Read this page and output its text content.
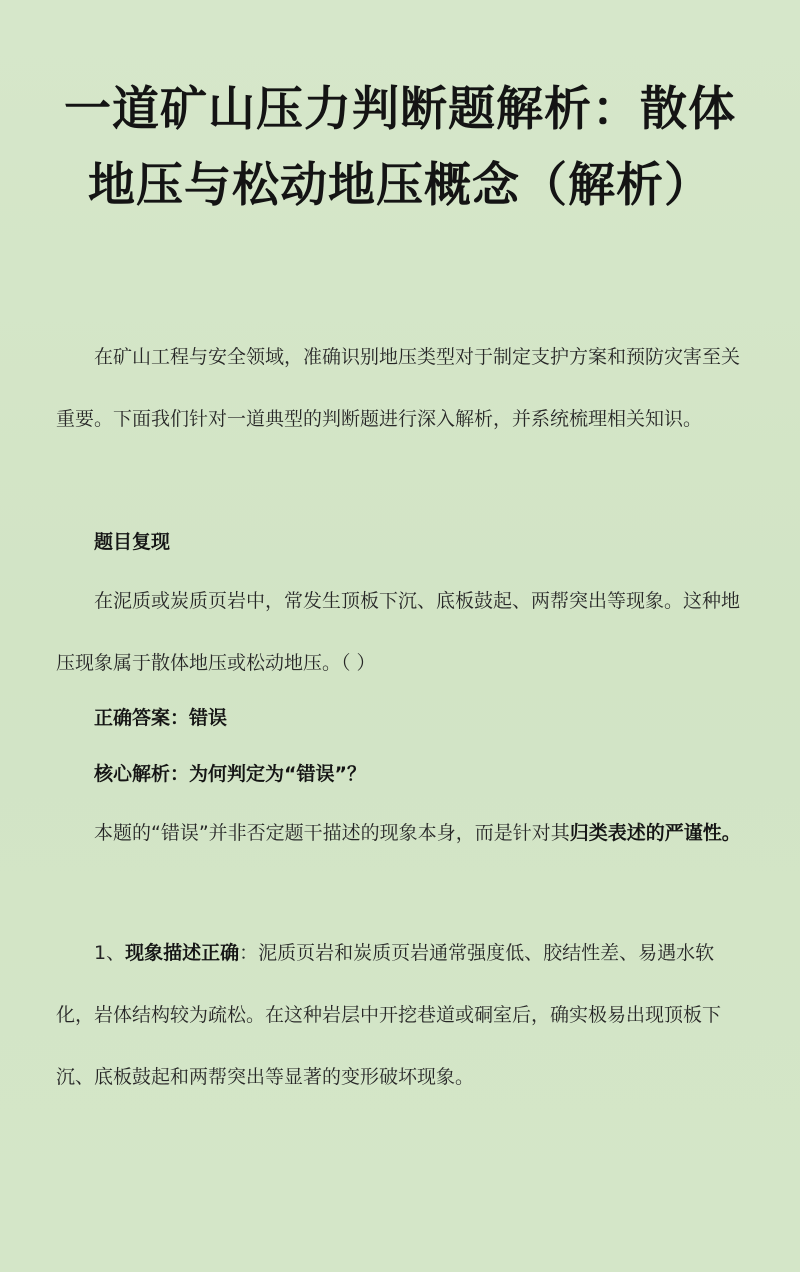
一道矿山压力判断题解析：散体地压与松动地压概念（解析）

在矿山工程与安全领域，准确识别地压类型对于制定支护方案和预防灾害至关重要。下面我们针对一道典型的判断题进行深入解析，并系统梳理相关知识。

题目复现

在泥质或炭质页岩中，常发生顶板下沉、底板鼓起、两帮突出等现象。这种地压现象属于散体地压或松动地压。（ ）

正确答案：错误

核心解析：为何判定为“错误”？

本题的“错误”并非否定题干描述的现象本身，而是针对其归类表述的严谨性。

1、现象描述正确：泥质页岩和炭质页岩通常强度低、胶结性差、易遇水软化，岩体结构较为疏松。在这种岩层中开挖巷道或硐室后，确实极易出现顶板下沉、底板鼓起和两帮突出等显著的变形破坏现象。
